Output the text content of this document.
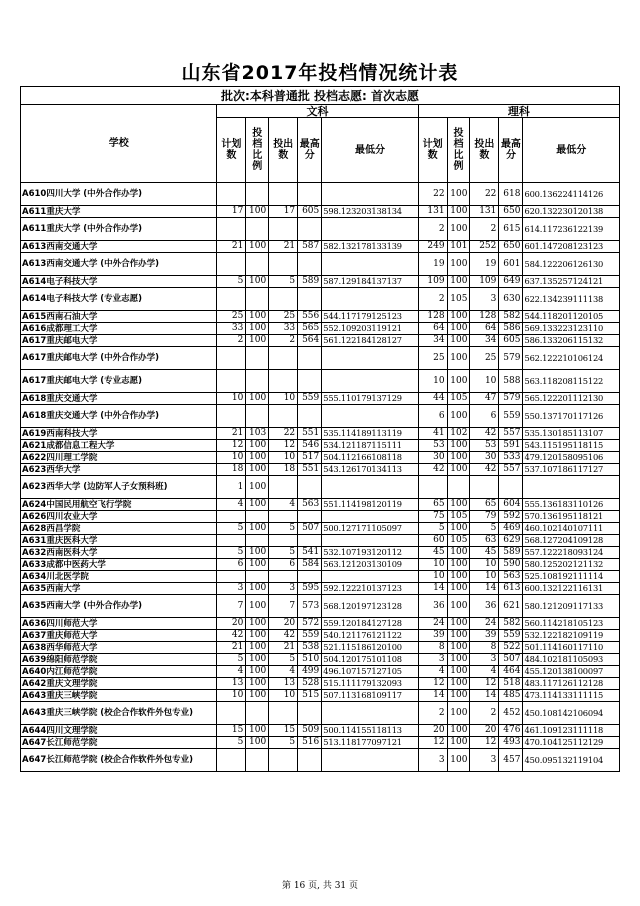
山东省2017年投档情况统计表
批次:本科普通批 投档志愿: 首次志愿										
学校	文科					理科				
	计划数	投档比例	投出数	最高分	最低分	计划数	投档比例	投出数	最高分	最低分
A610四川大学 (中外合作办学)						22	100	22	618	600.136224114126
A611重庆大学	17	100	17	605	598.123203138134	131	100	131	650	620.132230120138
A611重庆大学 (中外合作办学)						2	100	2	615	614.117236122139
A613西南交通大学	21	100	21	587	582.132178133139	249	101	252	650	601.147208123123
A613西南交通大学 (中外合作办学)						19	100	19	601	584.122206126130
A614电子科技大学	5	100	5	589	587.129184137137	109	100	109	649	637.135257124121
A614电子科技大学 (专业志愿)						2	105	3	630	622.134239111138
A615西南石油大学	25	100	25	556	544.117179125123	128	100	128	582	544.118201120105
A616成都理工大学	33	100	33	565	552.109203119121	64	100	64	586	569.133223123110
A617重庆邮电大学	2	100	2	564	561.122184128127	34	100	34	605	586.133206115132
A617重庆邮电大学 (中外合作办学)						25	100	25	579	562.122210106124
A617重庆邮电大学 (专业志愿)						10	100	10	588	563.118208115122
A618重庆交通大学	10	100	10	559	555.110179137129	44	105	47	579	565.122201112130
A618重庆交通大学 (中外合作办学)						6	100	6	559	550.137170117126
A619西南科技大学	21	103	22	551	535.114189113119	41	102	42	557	535.130185113107
A621成都信息工程大学	12	100	12	546	534.121187115111	53	100	53	591	543.115195118115
A622四川理工学院	10	100	10	517	504.112166108118	30	100	30	533	479.120158095106
A623西华大学	18	100	18	551	543.126170134113	42	100	42	557	537.107186117127
A623西华大学 (边防军人子女预科班)	1	100								
A624中国民用航空飞行学院	4	100	4	563	551.114198120119	65	100	65	604	555.136183110126
A626四川农业大学						75	105	79	592	570.136195118121
A628西昌学院	5	100	5	507	500.127171105097	5	100	5	469	460.102140107111
A631重庆医科大学						60	105	63	629	568.127204109128
A632西南医科大学	5	100	5	541	532.107193120112	45	100	45	589	557.122218093124
A633成都中医药大学	6	100	6	584	563.121203130109	10	100	10	590	580.125202121132
A634川北医学院						10	100	10	563	525.108192111114
A635西南大学	3	100	3	595	592.122210137123	14	100	14	613	600.132122116131
A635西南大学 (中外合作办学)	7	100	7	573	568.120197123128	36	100	36	621	580.121209117133
A636四川师范大学	20	100	20	572	559.120184127128	24	100	24	582	560.114218105123
A637重庆师范大学	42	100	42	559	540.121176121122	39	100	39	559	532.122182109119
A638西华师范大学	21	100	21	538	521.115186120100	8	100	8	522	501.114160117110
A639绵阳师范学院	5	100	5	510	504.120175101108	3	100	3	507	484.102181105093
A640内江师范学院	4	100	4	499	496.107157127105	4	100	4	464	455.120138100097
A642重庆文理学院	13	100	13	528	515.111179132093	12	100	12	518	483.117126112128
A643重庆三峡学院	10	100	10	515	507.113168109117	14	100	14	485	473.114133111115
A643重庆三峡学院 (校企合作软件外包专业)						2	100	2	452	450.108142106094
A644四川文理学院	15	100	15	509	500.114155118113	20	100	20	476	461.109123111118
A647长江师范学院	5	100	5	516	513.118177097121	12	100	12	493	470.104125112129
A647长江师范学院 (校企合作软件外包专业)						3	100	3	457	450.095132119104
第 16 页, 共 31 页
